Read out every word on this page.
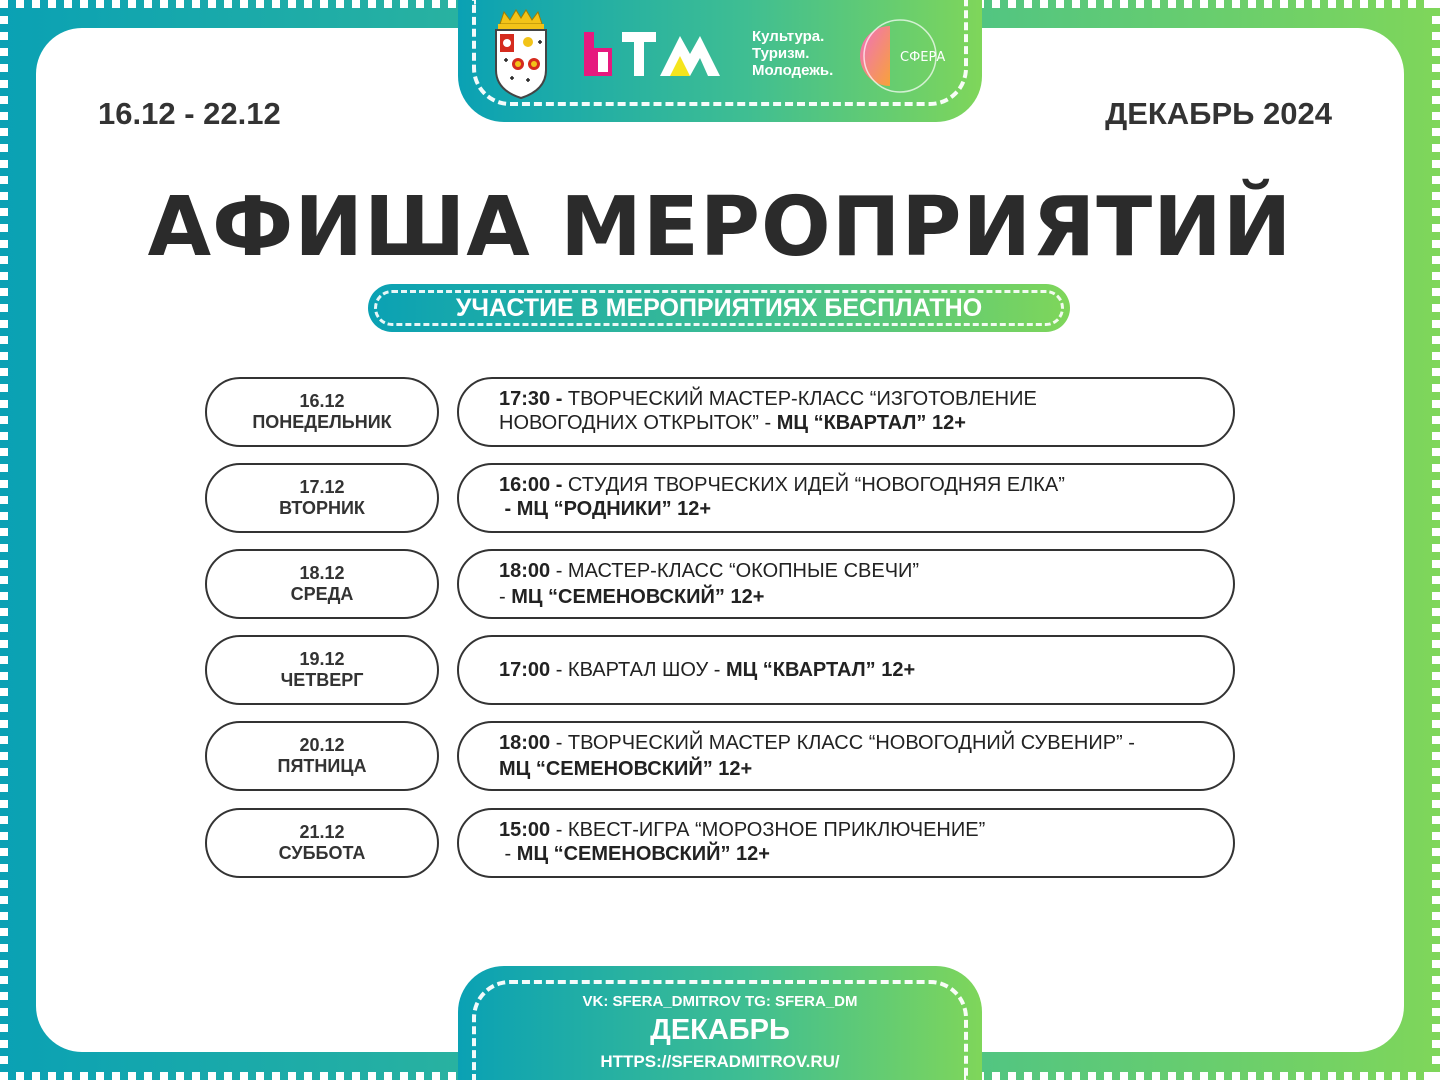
Культура.
Туризм.
Молодежь.
СФЕРА
16.12 - 22.12	ДЕКАБРЬ 2024
АФИША МЕРОПРИЯТИЙ
УЧАСТИЕ В МЕРОПРИЯТИЯХ БЕСПЛАТНО
16.12
ПОНЕДЕЛЬНИК
17:30 - ТВОРЧЕСКИЙ МАСТЕР-КЛАСС “ИЗГОТОВЛЕНИЕ
НОВОГОДНИХ ОТКРЫТОК” - МЦ “КВАРТАЛ” 12+
17.12
ВТОРНИК
16:00 - СТУДИЯ ТВОРЧЕСКИХ ИДЕЙ “НОВОГОДНЯЯ ЕЛКА”
- МЦ “РОДНИКИ” 12+
18.12
СРЕДА
18:00 - МАСТЕР-КЛАСС “ОКОПНЫЕ СВЕЧИ”
- МЦ “СЕМЕНОВСКИЙ” 12+
19.12
ЧЕТВЕРГ	17:00 - КВАРТАЛ ШОУ - МЦ “КВАРТАЛ” 12+
20.12
ПЯТНИЦА
18:00 - ТВОРЧЕСКИЙ МАСТЕР КЛАСС “НОВОГОДНИЙ СУВЕНИР” -
МЦ “СЕМЕНОВСКИЙ” 12+
21.12
СУББОТА
15:00 - КВЕСТ-ИГРА “МОРОЗНОЕ ПРИКЛЮЧЕНИЕ”
- МЦ “СЕМЕНОВСКИЙ” 12+
VK: SFERA_DMITROV TG: SFERA_DM
ДЕКАБРЬ
HTTPS://SFERADMITROV.RU/
